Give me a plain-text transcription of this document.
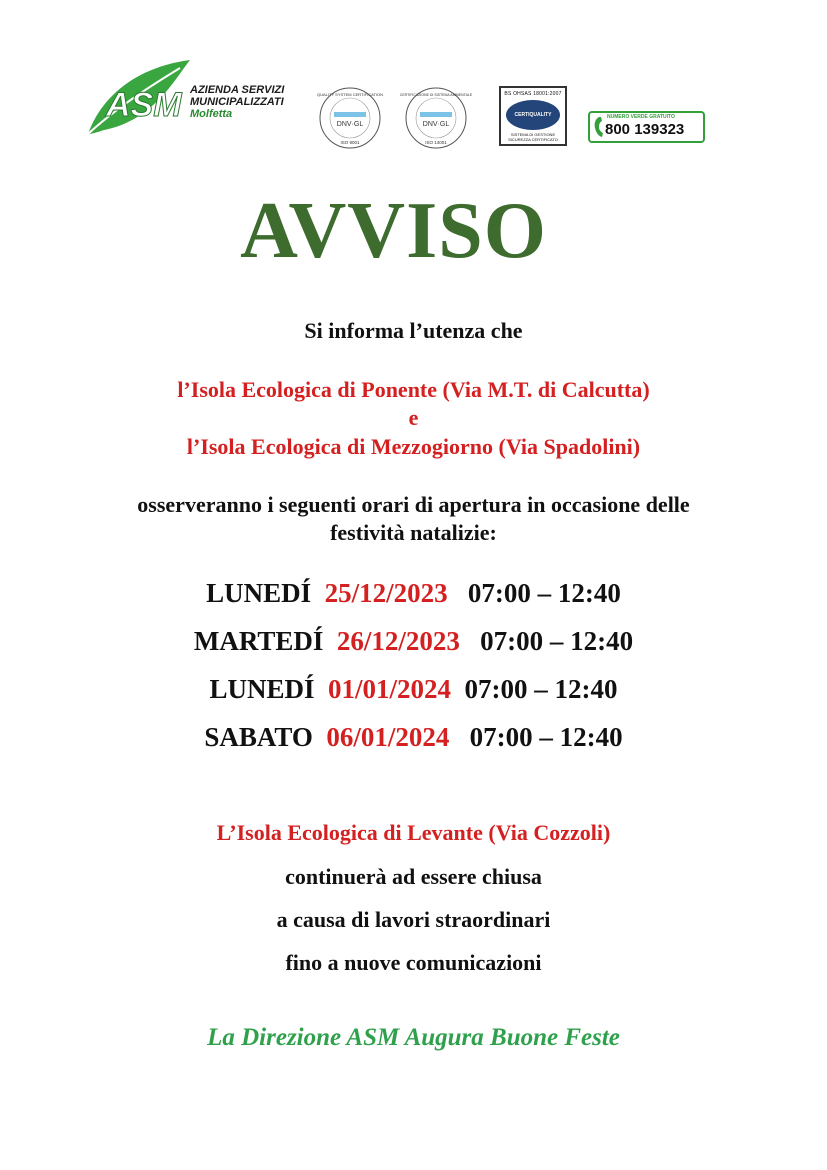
ASM AZIENDA SERVIZI
MUNICIPALIZZATI
Molfetta
DNV·GL
QUALITY SYSTEM CERTIFICATION
ISO 9001
DNV·GL
CERTIFICAZIONE DI SISTEMA AMBIENTALE
ISO 14001
BS OHSAS 18001:2007
CERTIQUALITY
SISTEMA DI GESTIONE SICUREZZA CERTIFICATO
NUMERO VERDE GRATUITO
800 139323
AVVISO
Si informa l’utenza che
l’Isola Ecologica di Ponente (Via M.T. di Calcutta)
e
l’Isola Ecologica di Mezzogiorno (Via Spadolini)
osserveranno i seguenti orari di apertura in occasione delle
festività natalizie:
LUNEDÍ 25/12/2023 07:00 – 12:40
MARTEDÍ 26/12/2023 07:00 – 12:40
LUNEDÍ 01/01/2024 07:00 – 12:40
SABATO 06/01/2024 07:00 – 12:40
L’Isola Ecologica di Levante (Via Cozzoli)
continuerà ad essere chiusa
a causa di lavori straordinari
fino a nuove comunicazioni
La Direzione ASM Augura Buone Feste
